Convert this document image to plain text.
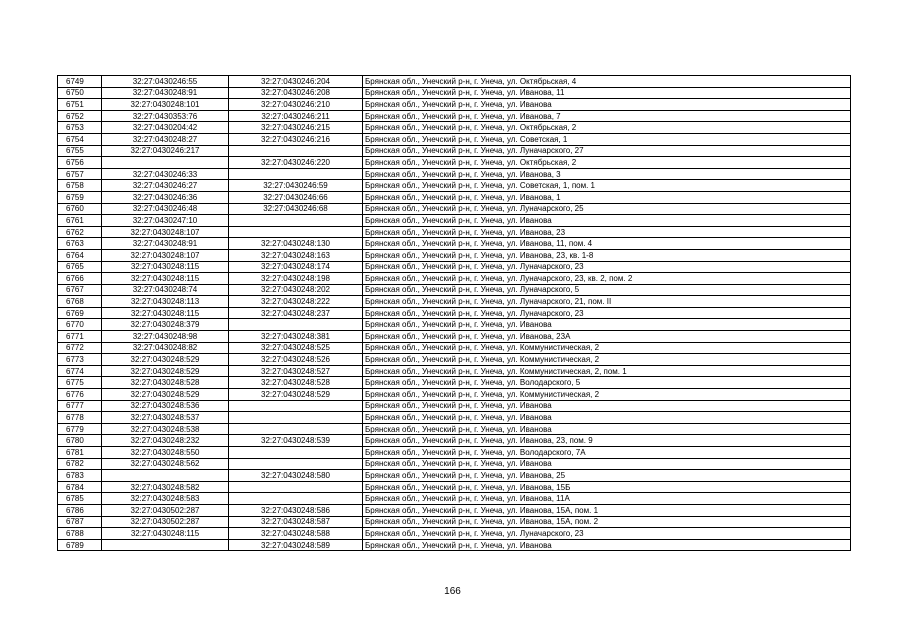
6749	32:27:0430246:55	32:27:0430246:204	Брянская обл., Унечский р-н, г. Унеча, ул. Октябрьская, 4
6750	32:27:0430248:91	32:27:0430246:208	Брянская обл., Унечский р-н, г. Унеча, ул. Иванова, 11
6751	32:27:0430248:101	32:27:0430246:210	Брянская обл., Унечский р-н, г. Унеча, ул. Иванова
6752	32:27:0430353:76	32:27:0430246:211	Брянская обл., Унечский р-н, г. Унеча, ул. Иванова, 7
6753	32:27:0430204:42	32:27:0430246:215	Брянская обл., Унечский р-н, г. Унеча, ул. Октябрьская, 2
6754	32:27:0430248:27	32:27:0430246:216	Брянская обл., Унечский р-н, г. Унеча, ул. Советская, 1
6755	32:27:0430246:217		Брянская обл., Унечский р-н, г. Унеча, ул. Луначарского, 27
6756		32:27:0430246:220	Брянская обл., Унечский р-н, г. Унеча, ул. Октябрьская, 2
6757	32:27:0430246:33		Брянская обл., Унечский р-н, г. Унеча, ул. Иванова, 3
6758	32:27:0430246:27	32:27:0430246:59	Брянская обл., Унечский р-н, г. Унеча, ул. Советская, 1, пом. 1
6759	32:27:0430246:36	32:27:0430246:66	Брянская обл., Унечский р-н, г. Унеча, ул. Иванова, 1
6760	32:27:0430246:48	32:27:0430246:68	Брянская обл., Унечский р-н, г. Унеча, ул. Луначарского, 25
6761	32:27:0430247:10		Брянская обл., Унечский р-н, г. Унеча, ул. Иванова
6762	32:27:0430248:107		Брянская обл., Унечский р-н, г. Унеча, ул. Иванова, 23
6763	32:27:0430248:91	32:27:0430248:130	Брянская обл., Унечский р-н, г. Унеча, ул. Иванова, 11, пом. 4
6764	32:27:0430248:107	32:27:0430248:163	Брянская обл., Унечский р-н, г. Унеча, ул. Иванова, 23, кв. 1-8
6765	32:27:0430248:115	32:27:0430248:174	Брянская обл., Унечский р-н, г. Унеча, ул. Луначарского, 23
6766	32:27:0430248:115	32:27:0430248:198	Брянская обл., Унечский р-н, г. Унеча, ул. Луначарского, 23, кв. 2, пом. 2
6767	32:27:0430248:74	32:27:0430248:202	Брянская обл., Унечский р-н, г. Унеча, ул. Луначарского, 5
6768	32:27:0430248:113	32:27:0430248:222	Брянская обл., Унечский р-н, г. Унеча, ул. Луначарского, 21, пом. II
6769	32:27:0430248:115	32:27:0430248:237	Брянская обл., Унечский р-н, г. Унеча, ул. Луначарского, 23
6770	32:27:0430248:379		Брянская обл., Унечский р-н, г. Унеча, ул. Иванова
6771	32:27:0430248:98	32:27:0430248:381	Брянская обл., Унечский р-н, г. Унеча, ул. Иванова, 23А
6772	32:27:0430248:82	32:27:0430248:525	Брянская обл., Унечский р-н, г. Унеча, ул. Коммунистическая, 2
6773	32:27:0430248:529	32:27:0430248:526	Брянская обл., Унечский р-н, г. Унеча, ул. Коммунистическая, 2
6774	32:27:0430248:529	32:27:0430248:527	Брянская обл., Унечский р-н, г. Унеча, ул. Коммунистическая, 2, пом. 1
6775	32:27:0430248:528	32:27:0430248:528	Брянская обл., Унечский р-н, г. Унеча, ул. Володарского, 5
6776	32:27:0430248:529	32:27:0430248:529	Брянская обл., Унечский р-н, г. Унеча, ул. Коммунистическая, 2
6777	32:27:0430248:536		Брянская обл., Унечский р-н, г. Унеча, ул. Иванова
6778	32:27:0430248:537		Брянская обл., Унечский р-н, г. Унеча, ул. Иванова
6779	32:27:0430248:538		Брянская обл., Унечский р-н, г. Унеча, ул. Иванова
6780	32:27:0430248:232	32:27:0430248:539	Брянская обл., Унечский р-н, г. Унеча, ул. Иванова, 23, пом. 9
6781	32:27:0430248:550		Брянская обл., Унечский р-н, г. Унеча, ул. Володарского, 7А
6782	32:27:0430248:562		Брянская обл., Унечский р-н, г. Унеча, ул. Иванова
6783		32:27:0430248:580	Брянская обл., Унечский р-н, г. Унеча, ул. Иванова, 25
6784	32:27:0430248:582		Брянская обл., Унечский р-н, г. Унеча, ул. Иванова, 15Б
6785	32:27:0430248:583		Брянская обл., Унечский р-н, г. Унеча, ул. Иванова, 11А
6786	32:27:0430502:287	32:27:0430248:586	Брянская обл., Унечский р-н, г. Унеча, ул. Иванова, 15А, пом. 1
6787	32:27:0430502:287	32:27:0430248:587	Брянская обл., Унечский р-н, г. Унеча, ул. Иванова, 15А, пом. 2
6788	32:27:0430248:115	32:27:0430248:588	Брянская обл., Унечский р-н, г. Унеча, ул. Луначарского, 23
6789		32:27:0430248:589	Брянская обл., Унечский р-н, г. Унеча, ул. Иванова
166
